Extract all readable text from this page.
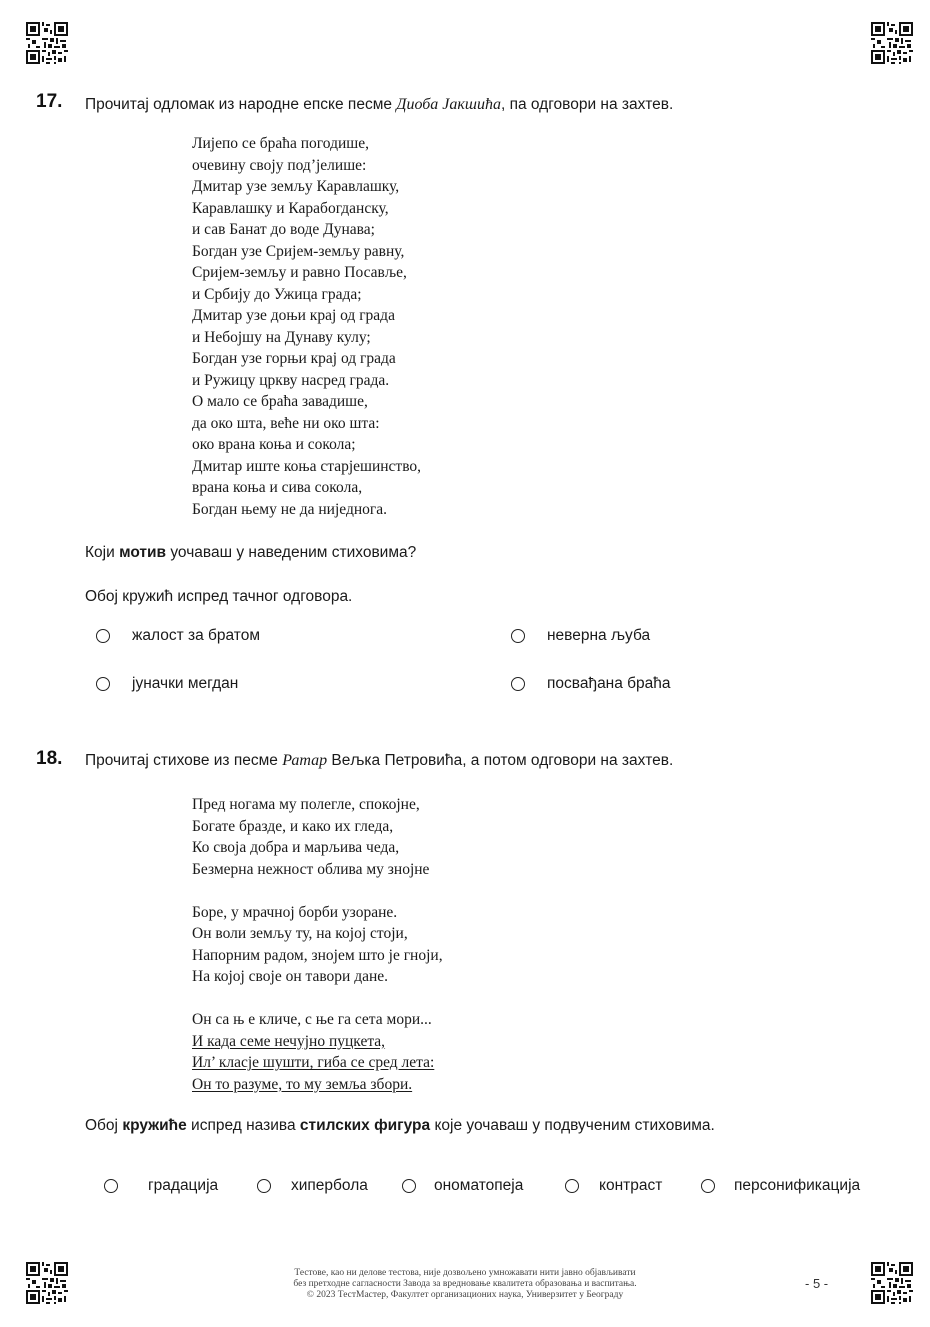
17. Прочитај одломак из народне епске песме Диоба Јакшића, па одговори на захтев.
Лијепо се браћа погодише,
очевину своју под’јелише:
Дмитар узе земљу Каравлашку,
Каравлашку и Карабогданску,
и сав Банат до воде Дунава;
Богдан узе Сријем-земљу равну,
Сријем-земљу и равно Посавље,
и Србију до Ужица града;
Дмитар узе доњи крај од града
и Небојшу на Дунаву кулу;
Богдан узе горњи крај од града
и Ружицу цркву насред града.
О мало се браћа завадише,
да око шта, веће ни око шта:
око врана коња и сокола;
Дмитар иште коња старјешинство,
врана коња и сива сокола,
Богдан њему не да ниједнога.
Који мотив уочаваш у наведеним стиховима?
Обој кружић испред тачног одговора.
жалост за братом	неверна љуба
јуначки мегдан	посвађана браћа
18. Прочитај стихове из песме Ратар Вељка Петровића, а потом одговори на захтев.
Пред ногама му полегле, спокојне,
Богате бразде, и како их гледа,
Ко своја добра и марљива чеда,
Безмерна нежност облива му знојне
Боре, у мрачној борби узоране.
Он воли земљу ту, на којој стоји,
Напорним радом, знојем што је гноји,
На којој своје он тавори дане.
Он са њ е кличе, с ње га сета мори...
И када семе нечујно пуцкета,
Ил’ класје шушти, гиба се сред лета:
Он то разуме, то му земља збори.
Обој кружиће испред назива стилских фигура које уочаваш у подвученим стиховима.
градација	хипербола	ономатопеја	контраст	персонификација
Тестове, као ни делове тестова, није дозвољено умножавати нити јавно објављивати
без претходне сагласности Завода за вредновање квалитета образовања и васпитања.
© 2023 ТестМастер, Факултет организационих наука, Универзитет у Београду
- 5 -
